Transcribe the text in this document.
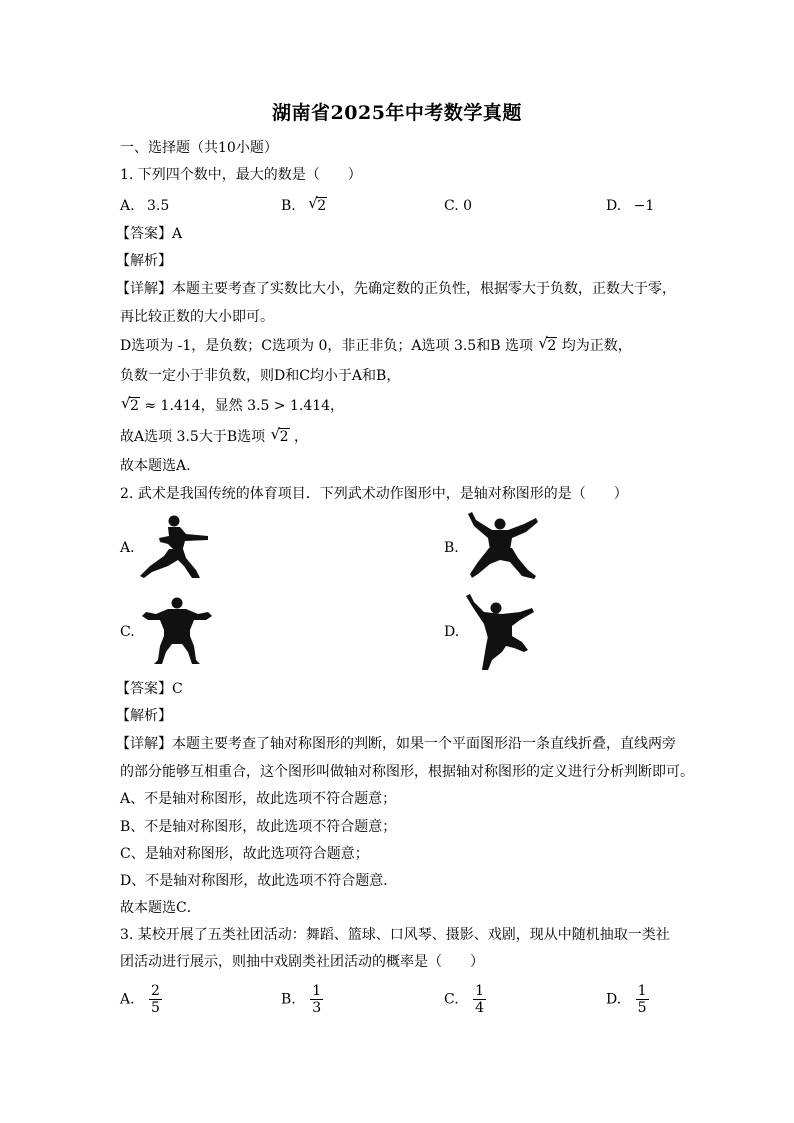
湖南省2025年中考数学真题
一、选择题（共10小题）
1. 下列四个数中，最大的数是（　　）
A. 3.5	B. √ 2	C. 0	D. −1
【答案】A
【解析】
【详解】本题主要考查了实数比大小，先确定数的正负性，根据零大于负数，正数大于零，
再比较正数的大小即可。
D选项为 -1，是负数；C选项为 0，非正非负；A选项 3.5和B 选项 √ 2 均为正数，
负数一定小于非负数，则D和C均小于A和B，
√ 2 ≈ 1.414，显然 3.5 > 1.414，
故A选项 3.5大于B选项 √ 2 ，
故本题选A.
2. 武术是我国传统的体育项目．下列武术动作图形中，是轴对称图形的是（　　）
A.	B.
C.	D.
【答案】C
【解析】
【详解】本题主要考查了轴对称图形的判断，如果一个平面图形沿一条直线折叠，直线两旁
的部分能够互相重合，这个图形叫做轴对称图形，根据轴对称图形的定义进行分析判断即可。
A、不是轴对称图形，故此选项不符合题意；
B、不是轴对称图形，故此选项不符合题意；
C、是轴对称图形，故此选项符合题意；
D、不是轴对称图形，故此选项不符合题意．
故本题选C．
3. 某校开展了五类社团活动：舞蹈、篮球、口风琴、摄影、戏剧，现从中随机抽取一类社
团活动进行展示，则抽中戏剧类社团活动的概率是（　　）
A. $\frac{2}{5}$	B. $\frac{1}{3}$	C. $\frac{1}{4}$	D. $\frac{1}{5}$
